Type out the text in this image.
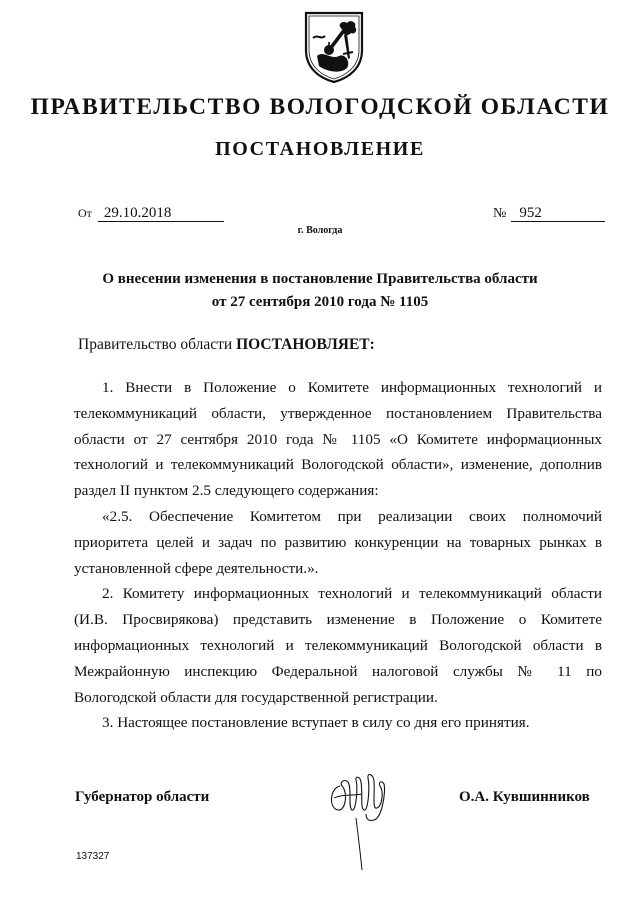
ПРАВИТЕЛЬСТВО ВОЛОГОДСКОЙ ОБЛАСТИ
ПОСТАНОВЛЕНИЕ
От 29.10.2018	№ 952
г. Вологда
О внесении изменения в постановление Правительства области
от 27 сентября 2010 года № 1105
Правительство области ПОСТАНОВЛЯЕТ:

1. Внести в Положение о Комитете информационных технологий и телекоммуникаций области, утвержденное постановлением Правительства области от 27 сентября 2010 года № 1105 «О Комитете информационных технологий и телекоммуникаций Вологодской области», изменение, дополнив раздел II пунктом 2.5 следующего содержания:

«2.5. Обеспечение Комитетом при реализации своих полномочий приоритета целей и задач по развитию конкуренции на товарных рынках в установленной сфере деятельности.».

2. Комитету информационных технологий и телекоммуникаций области (И.В. Просвирякова) представить изменение в Положение о Комитете информационных технологий и телекоммуникаций Вологодской области в Межрайонную инспекцию Федеральной налоговой службы № 11 по Вологодской области для государственной регистрации.

3. Настоящее постановление вступает в силу со дня его принятия.

Губернатор области	О.А. Кувшинников
137327
